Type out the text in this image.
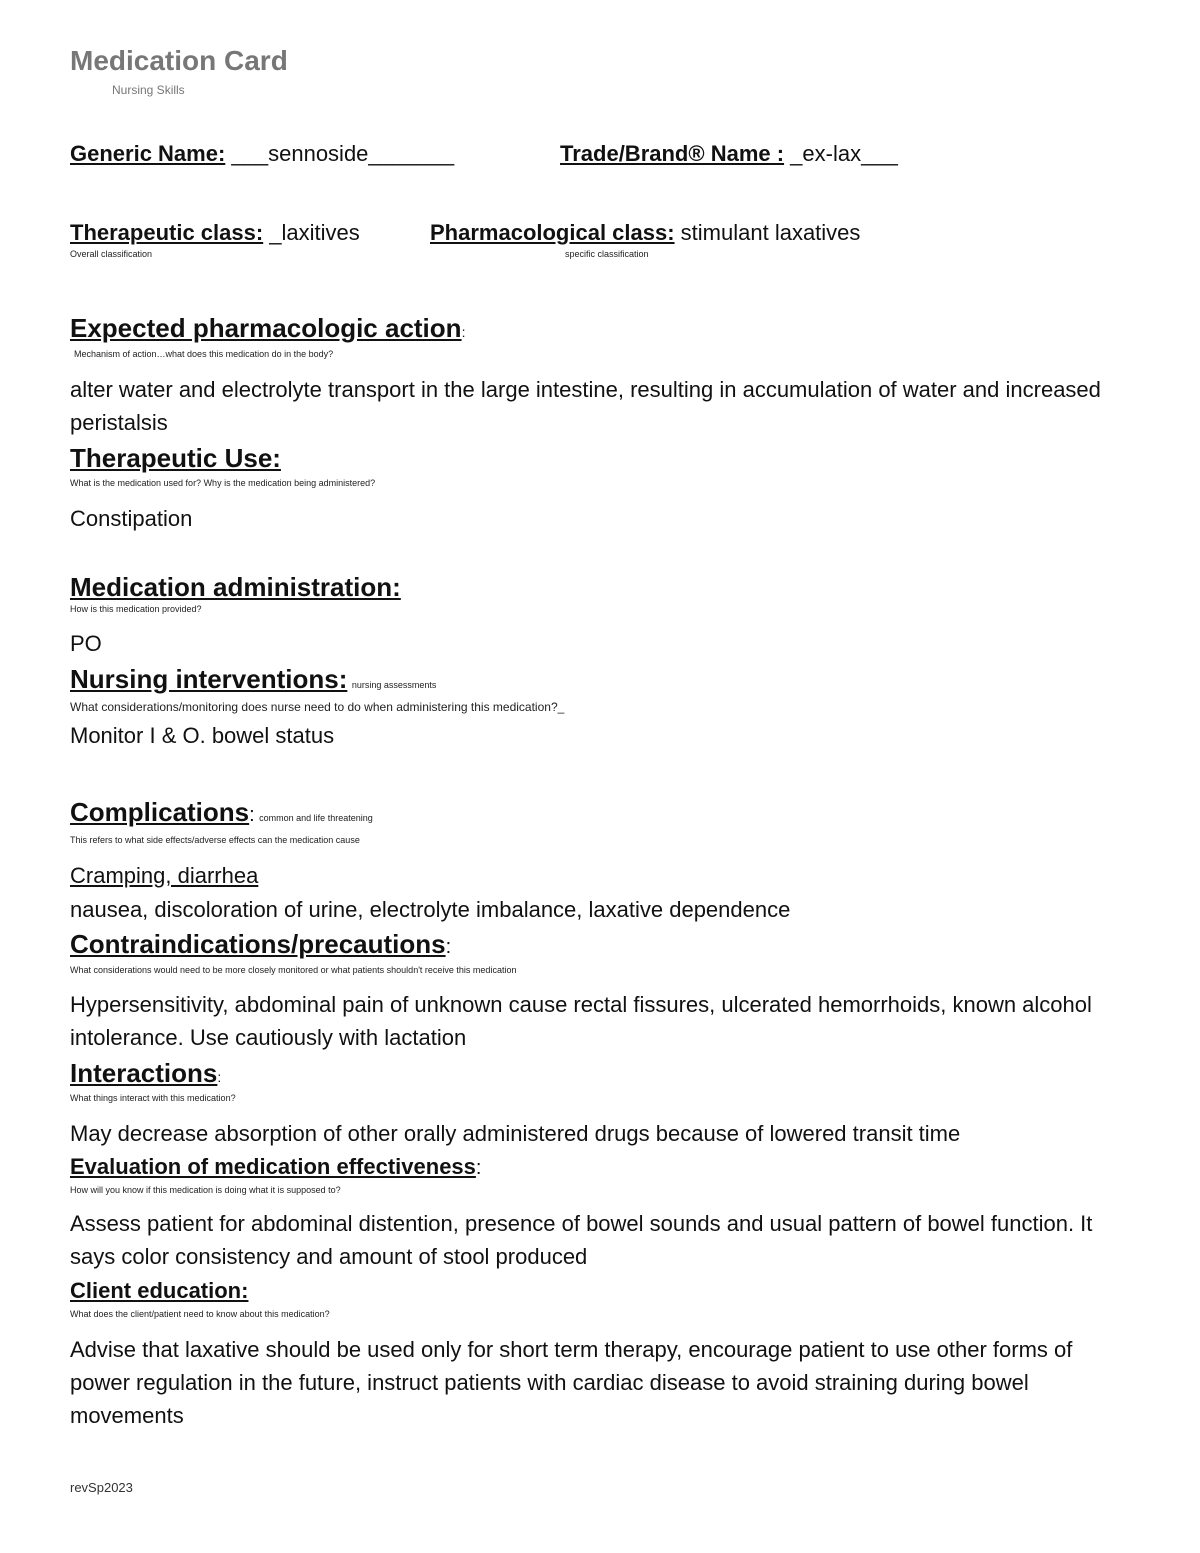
Medication Card
Nursing Skills
Generic Name: ___sennoside_______	Trade/Brand® Name : _ex-lax___
Therapeutic class: _laxitives
Overall classification
Pharmacological class: stimulant laxatives
specific classification
Expected pharmacologic action:
Mechanism of action…what does this medication do in the body?
alter water and electrolyte transport in the large intestine, resulting in accumulation of water and increased peristalsis
Therapeutic Use:
What is the medication used for? Why is the medication being administered?
Constipation
Medication administration:
How is this medication provided?
PO
Nursing interventions: nursing assessments
What considerations/monitoring does nurse need to do when administering this medication?_
Monitor I & O. bowel status
Complications: common and life threatening
This refers to what side effects/adverse effects can the medication cause
Cramping, diarrhea
nausea, discoloration of urine, electrolyte imbalance, laxative dependence
Contraindications/precautions:
What considerations would need to be more closely monitored or what patients shouldn't receive this medication
Hypersensitivity, abdominal pain of unknown cause rectal fissures, ulcerated hemorrhoids, known alcohol intolerance. Use cautiously with lactation
Interactions:
What things interact with this medication?
May decrease absorption of other orally administered drugs because of lowered transit time
Evaluation of medication effectiveness:
How will you know if this medication is doing what it is supposed to?
Assess patient for abdominal distention, presence of bowel sounds and usual pattern of bowel function. It says color consistency and amount of stool produced
Client education:
What does the client/patient need to know about this medication?
Advise that laxative should be used only for short term therapy, encourage patient to use other forms of power regulation in the future, instruct patients with cardiac disease to avoid straining during bowel movements
revSp2023
